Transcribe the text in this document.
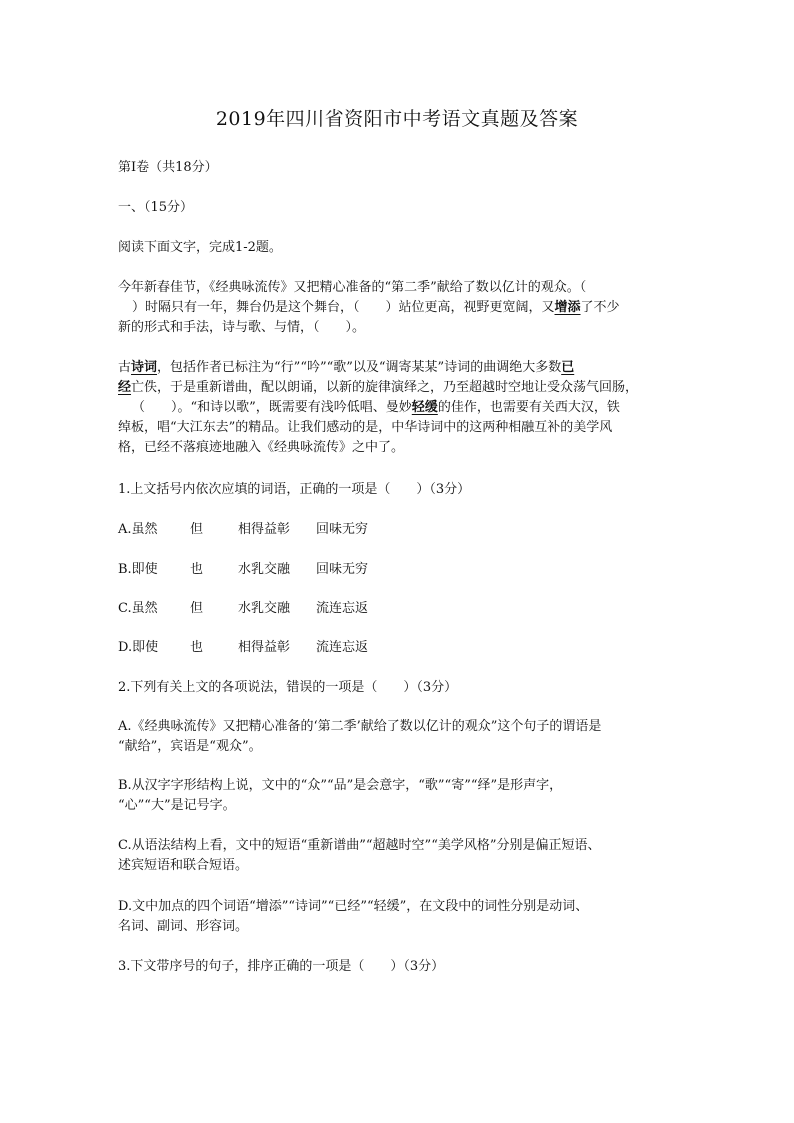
2019年四川省资阳市中考语文真题及答案

第Ⅰ卷（共18分）

一、（15分）

阅读下面文字，完成1-2题。

今年新春佳节，《经典咏流传》又把精心准备的“第二季”献给了数以亿计的观众。（
）时隔只有一年，舞台仍是这个舞台，（　　）站位更高，视野更宽阔，又增添了不少
新的形式和手法，诗与歌、与情，（　　）。
古诗词，包括作者已标注为“行”“吟”“歌”以及“调寄某某”诗词的曲调绝大多数已
经亡佚，于是重新谱曲，配以朗诵，以新的旋律演绎之，乃至超越时空地让受众荡气回肠，
（　　）。“和诗以歌”，既需要有浅吟低唱、曼妙轻缓的佳作，也需要有关西大汉，铁
绰板，唱“大江东去”的精品。让我们感动的是，中华诗词中的这两种相融互补的美学风
格，已经不落痕迹地融入《经典咏流传》之中了。

1.上文括号内依次应填的词语，正确的一项是（　　）（3分）

A.虽然 但	相得益彰 回味无穷
B.即使 也	水乳交融 回味无穷
C.虽然 但	水乳交融 流连忘返
D.即使 也	相得益彰 流连忘返

2.下列有关上文的各项说法，错误的一项是（　　）（3分）

A.《经典咏流传》又把精心准备的‘第二季’献给了数以亿计的观众”这个句子的谓语是
“献给”，宾语是“观众”。
B.从汉字字形结构上说，文中的“众”“品”是会意字，“歌”“寄”“绎”是形声字，
“心”“大”是记号字。
C.从语法结构上看，文中的短语“重新谱曲”“超越时空”“美学风格”分别是偏正短语、
述宾短语和联合短语。
D.文中加点的四个词语“增添”“诗词”“已经”“轻缓”，在文段中的词性分别是动词、
名词、副词、形容词。

3.下文带序号的句子，排序正确的一项是（　　）（3分）
